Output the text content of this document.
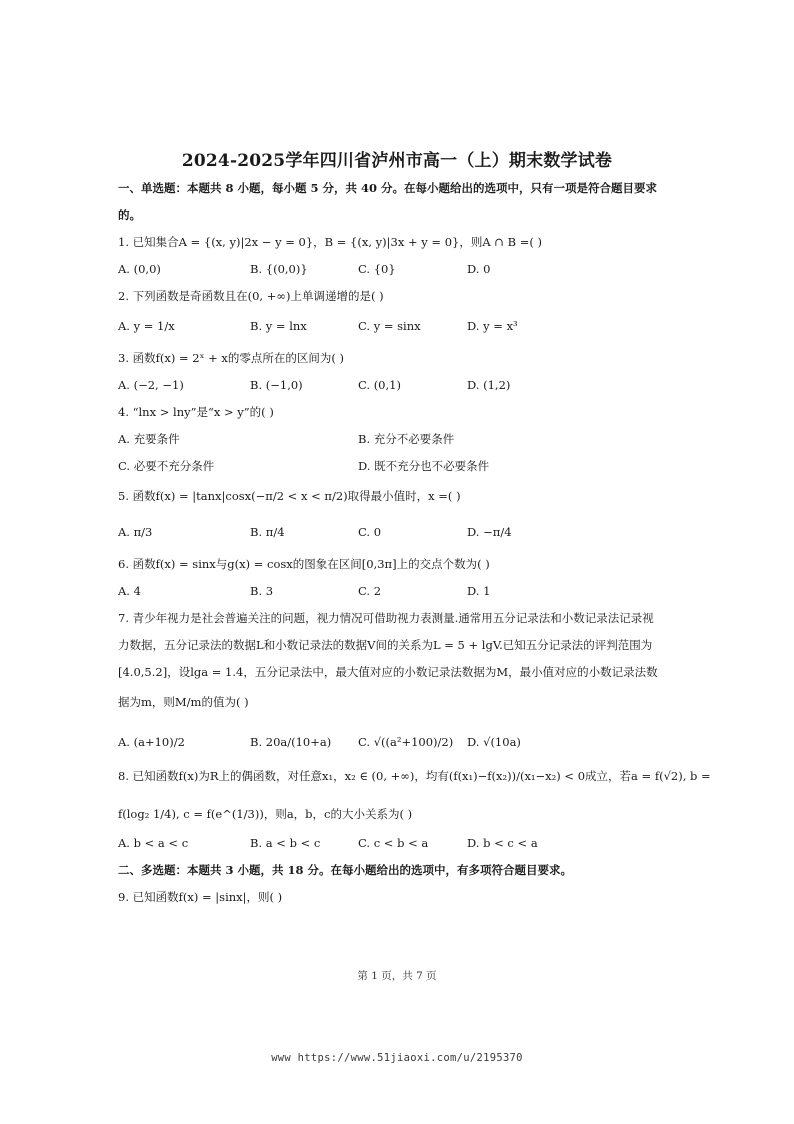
2024-2025学年四川省泸州市高一（上）期末数学试卷
一、单选题：本题共 8 小题，每小题 5 分，共 40 分。在每小题给出的选项中，只有一项是符合题目要求
的。
1. 已知集合A = {(x, y)|2x − y = 0}，B = {(x, y)|3x + y = 0}，则A ∩ B =( )
A. (0,0)	B. {(0,0)}	C. {0}	D. 0
2. 下列函数是奇函数且在(0, +∞)上单调递增的是( )
A. y = 1/x	B. y = lnx	C. y = sinx	D. y = x³
3. 函数f(x) = 2ˣ + x的零点所在的区间为( )
A. (−2, −1)	B. (−1,0)	C. (0,1)	D. (1,2)
4. “lnx > lny”是“x > y”的( )
A. 充要条件	B. 充分不必要条件
C. 必要不充分条件	D. 既不充分也不必要条件
5. 函数f(x) = |tanx|cosx(−π/2 < x < π/2)取得最小值时，x =( )
A. π/3	B. π/4	C. 0	D. −π/4
6. 函数f(x) = sinx与g(x) = cosx的图象在区间[0,3π]上的交点个数为( )
A. 4	B. 3	C. 2	D. 1
7. 青少年视力是社会普遍关注的问题，视力情况可借助视力表测量.通常用五分记录法和小数记录法记录视
力数据，五分记录法的数据L和小数记录法的数据V间的关系为L = 5 + lgV.已知五分记录法的评判范围为
[4.0,5.2]，设lga = 1.4，五分记录法中，最大值对应的小数记录法数据为M，最小值对应的小数记录法数
据为m，则M/m的值为( )
A. (a+10)/2	B. 20a/(10+a) C. √((a²+100)/2) D. √(10a)
8. 已知函数f(x)为R上的偶函数，对任意x₁，x₂ ∈ (0, +∞)，均有(f(x₁)−f(x₂))/(x₁−x₂) < 0成立，若a = f(√2), b =
f(log₂ 1/4), c = f(e^(1/3))，则a，b，c的大小关系为( )
A. b < a < c	B. a < b < c	C. c < b < a	D. b < c < a
二、多选题：本题共 3 小题，共 18 分。在每小题给出的选项中，有多项符合题目要求。
9. 已知函数f(x) = |sinx|，则( )
第 1 页，共 7 页
www https://www.51jiaoxi.com/u/2195370
